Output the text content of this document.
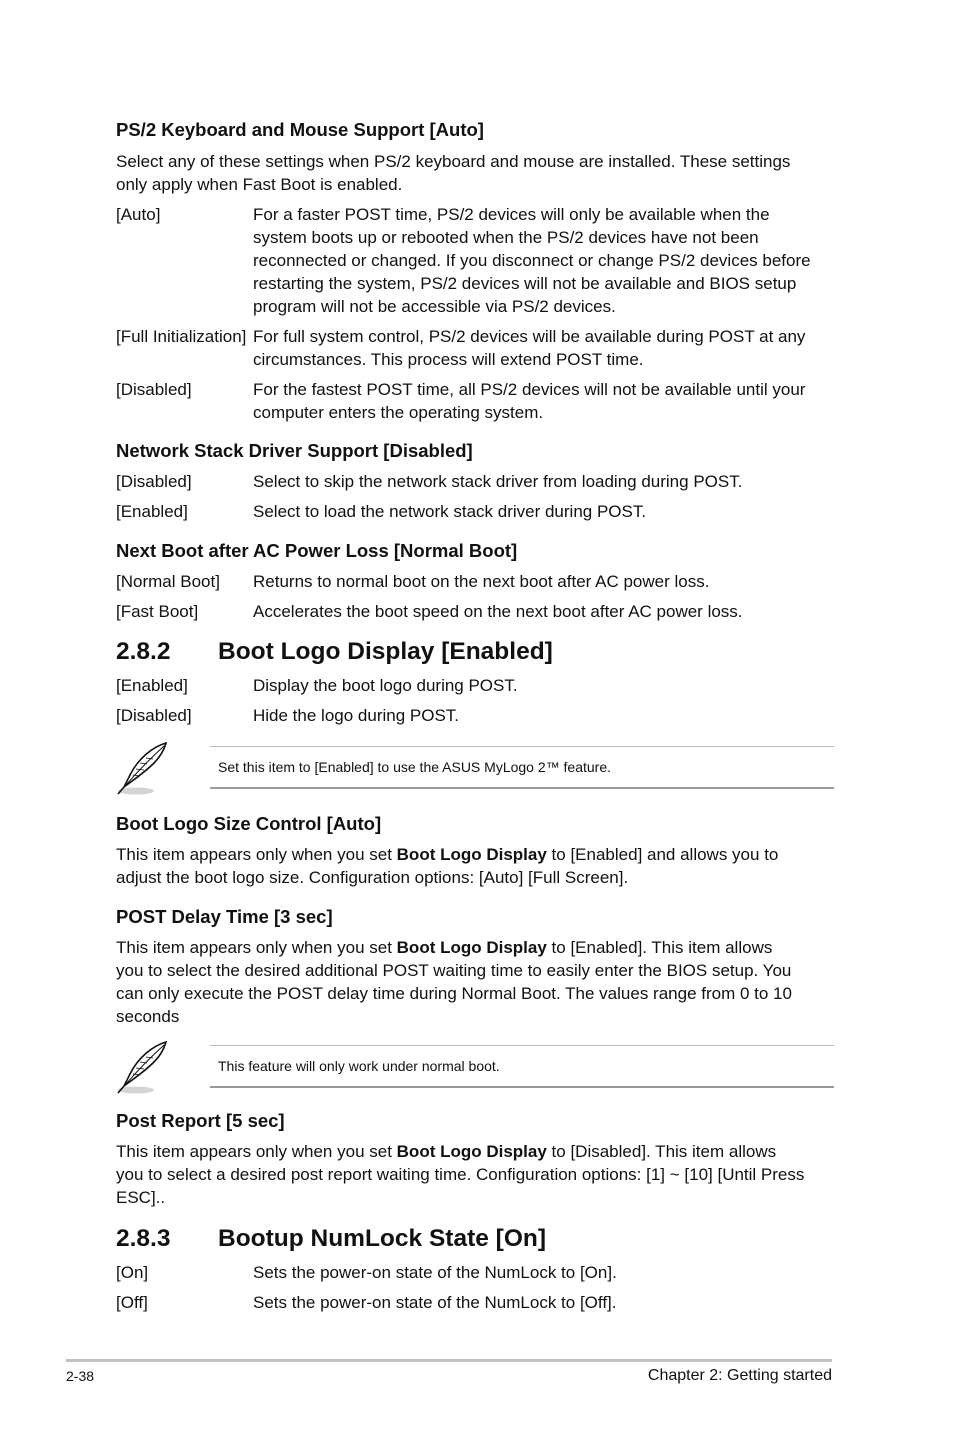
PS/2 Keyboard and Mouse Support [Auto]

Select any of these settings when PS/2 keyboard and mouse are installed. These settings

only apply when Fast Boot is enabled.

[Auto]	For a faster POST time, PS/2 devices will only be available when the
system boots up or rebooted when the PS/2 devices have not been
reconnected or changed. If you disconnect or change PS/2 devices before
restarting the system, PS/2 devices will not be available and BIOS setup
program will not be accessible via PS/2 devices.
[Full Initialization] For full system control, PS/2 devices will be available during POST at any
circumstances. This process will extend POST time.
[Disabled]	For the fastest POST time, all PS/2 devices will not be available until your
computer enters the operating system.

Network Stack Driver Support [Disabled]

[Disabled]	Select to skip the network stack driver from loading during POST.
[Enabled]	Select to load the network stack driver during POST.

Next Boot after AC Power Loss [Normal Boot]

[Normal Boot]	Returns to normal boot on the next boot after AC power loss.
[Fast Boot]	Accelerates the boot speed on the next boot after AC power loss.
2.8.2	Boot Logo Display [Enabled]
[Enabled]	Display the boot logo during POST.
[Disabled]	Hide the logo during POST.
Set this item to [Enabled] to use the ASUS MyLogo 2™ feature.

Boot Logo Size Control [Auto]

This item appears only when you set Boot Logo Display to [Enabled] and allows you to

adjust the boot logo size. Configuration options: [Auto] [Full Screen].

POST Delay Time [3 sec]

This item appears only when you set Boot Logo Display to [Enabled]. This item allows

you to select the desired additional POST waiting time to easily enter the BIOS setup. You

can only execute the POST delay time during Normal Boot. The values range from 0 to 10

seconds

This feature will only work under normal boot.

Post Report [5 sec]

This item appears only when you set Boot Logo Display to [Disabled]. This item allows

you to select a desired post report waiting time. Configuration options: [1] ~ [10] [Until Press

ESC]..

2.8.3	Bootup NumLock State [On]
[On]	Sets the power-on state of the NumLock to [On].
[Off]	Sets the power-on state of the NumLock to [Off].
2-38	Chapter 2: Getting started
